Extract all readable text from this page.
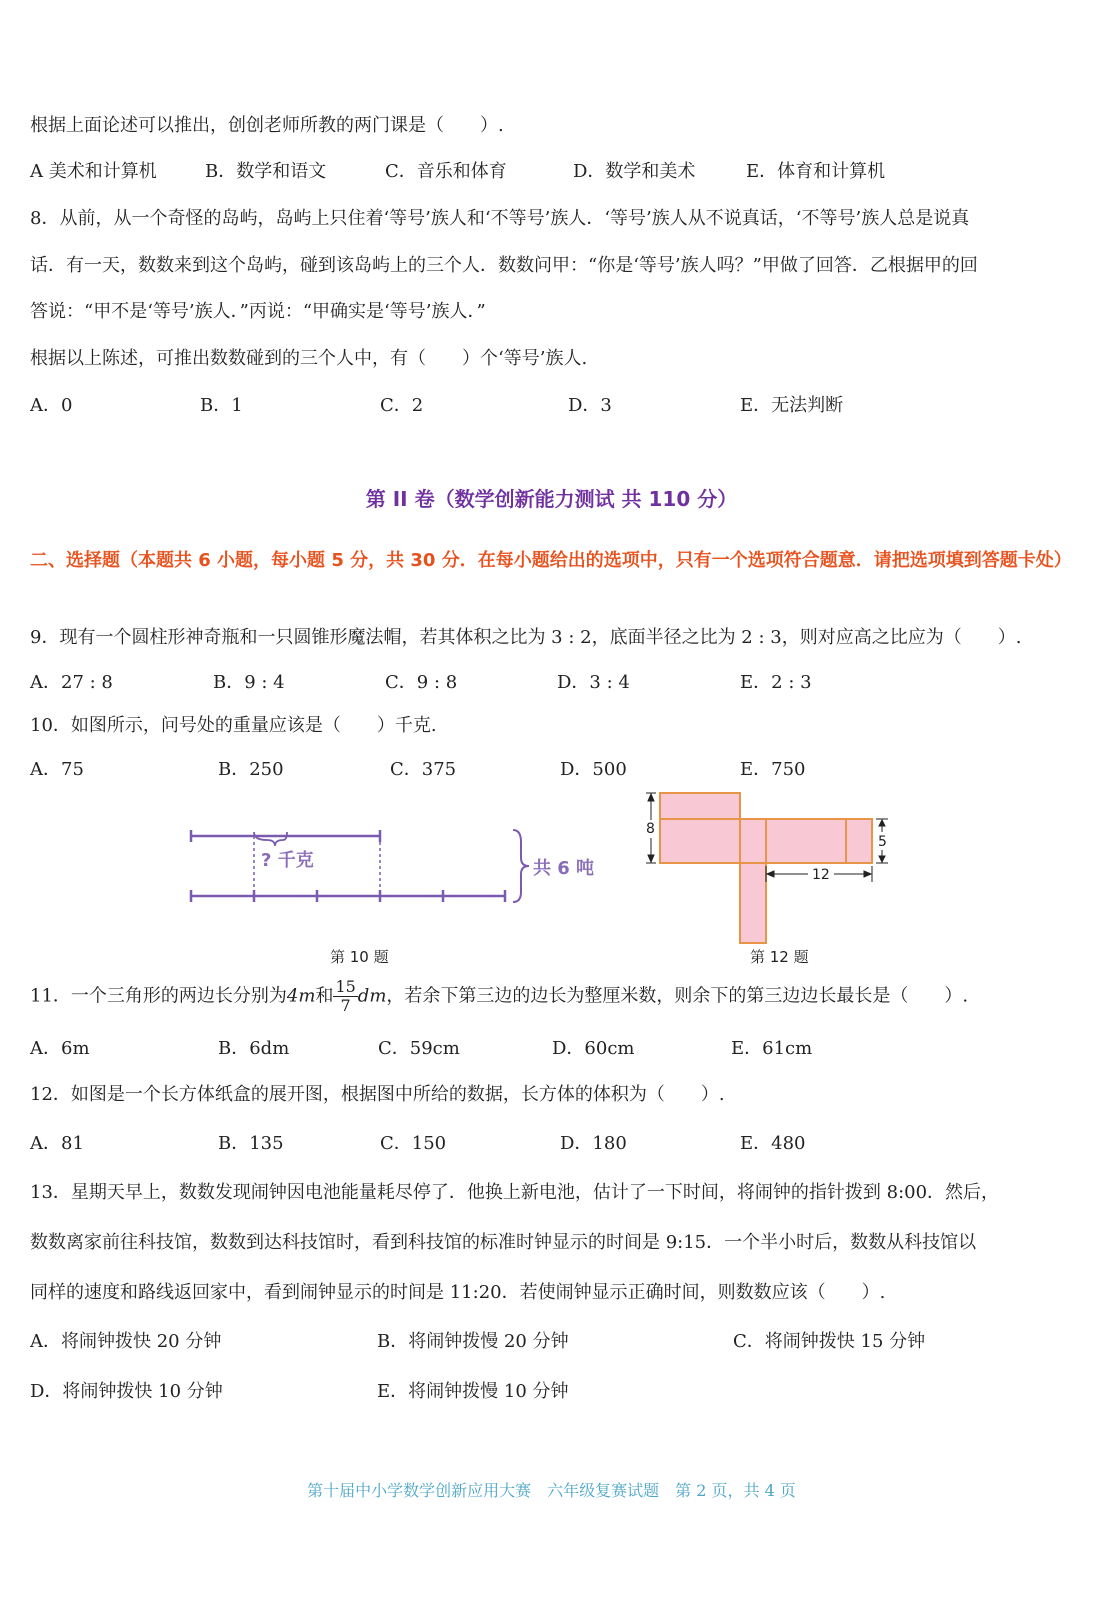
根据上面论述可以推出，创创老师所教的两门课是（　　）.
A 美术和计算机	B．数学和语文	C．音乐和体育	D．数学和美术	E．体育和计算机
8．从前，从一个奇怪的岛屿，岛屿上只住着‘等号’族人和‘不等号’族人．‘等号’族人从不说真话，‘不等号’族人总是说真
话．有一天，数数来到这个岛屿，碰到该岛屿上的三个人．数数问甲：“你是‘等号’族人吗？”甲做了回答．乙根据甲的回
答说：“甲不是‘等号’族人．”丙说：“甲确实是‘等号’族人．”
根据以上陈述，可推出数数碰到的三个人中，有（　　）个‘等号’族人.
A．0	B．1	C．2	D．3	E．无法判断
第 II 卷（数学创新能力测试 共 110 分）
二、选择题（本题共 6 小题，每小题 5 分，共 30 分．在每小题给出的选项中，只有一个选项符合题意．请把选项填到答题卡处）
9．现有一个圆柱形神奇瓶和一只圆锥形魔法帽，若其体积之比为 3 : 2，底面半径之比为 2 : 3，则对应高之比应为（　　）.
A．27 : 8	B．9 : 4	C．9 : 8	D．3 : 4	E．2 : 3
10．如图所示，问号处的重量应该是（　　）千克.
A．75	B．250	C．375	D．500	E．750
? 千克	共 6 吨
第 10 题
8
5
12
第 12 题
11．一个三角形的两边长分别为4m和 $\frac{15}{7}$ dm，若余下第三边的边长为整厘米数，则余下的第三边边长最长是（　　）.
A．6m	B．6dm	C．59cm	D．60cm	E．61cm
12．如图是一个长方体纸盒的展开图，根据图中所给的数据，长方体的体积为（　　）.
A．81	B．135	C．150	D．180	E．480
13．星期天早上，数数发现闹钟因电池能量耗尽停了．他换上新电池，估计了一下时间，将闹钟的指针拨到 8:00．然后，
数数离家前往科技馆，数数到达科技馆时，看到科技馆的标准时钟显示的时间是 9:15．一个半小时后，数数从科技馆以
同样的速度和路线返回家中，看到闹钟显示的时间是 11:20．若使闹钟显示正确时间，则数数应该（　　）.
A．将闹钟拨快 20 分钟	B．将闹钟拨慢 20 分钟	C．将闹钟拨快 15 分钟
D．将闹钟拨快 10 分钟	E．将闹钟拨慢 10 分钟
第十届中小学数学创新应用大赛　六年级复赛试题　第 2 页，共 4 页
